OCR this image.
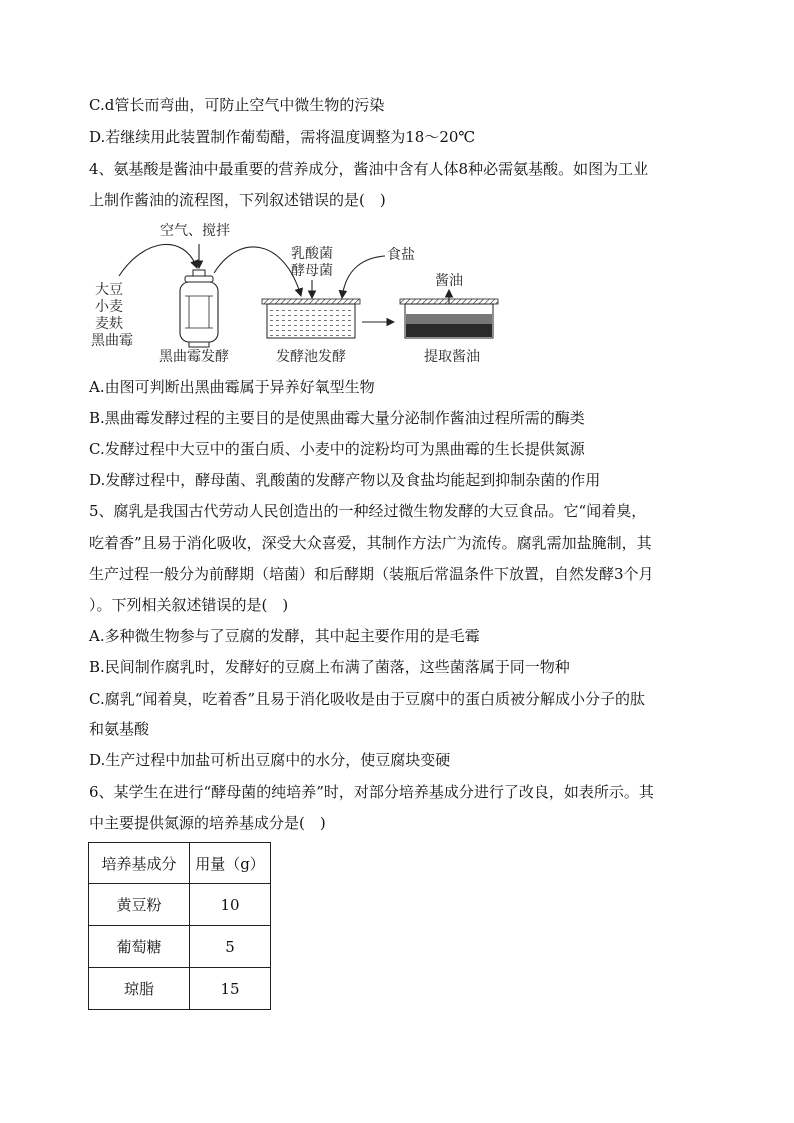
C.d管长而弯曲，可防止空气中微生物的污染

D.若继续用此装置制作葡萄醋，需将温度调整为18～20℃

4、氨基酸是酱油中最重要的营养成分，酱油中含有人体8种必需氨基酸。如图为工业

上制作酱油的流程图，下列叙述错误的是(　)

空气、搅拌
大豆
小麦
麦麸
黑曲霉
乳酸菌
酵母菌
食盐
酱油
黑曲霉发酵	发酵池发酵	提取酱油

A.由图可判断出黑曲霉属于异养好氧型生物

B.黑曲霉发酵过程的主要目的是使黑曲霉大量分泌制作酱油过程所需的酶类

C.发酵过程中大豆中的蛋白质、小麦中的淀粉均可为黑曲霉的生长提供氮源

D.发酵过程中，酵母菌、乳酸菌的发酵产物以及食盐均能起到抑制杂菌的作用

5、腐乳是我国古代劳动人民创造出的一种经过微生物发酵的大豆食品。它“闻着臭，

吃着香”且易于消化吸收，深受大众喜爱，其制作方法广为流传。腐乳需加盐腌制，其

生产过程一般分为前酵期（培菌）和后酵期（装瓶后常温条件下放置，自然发酵3个月

）。下列相关叙述错误的是(　)

A.多种微生物参与了豆腐的发酵，其中起主要作用的是毛霉

B.民间制作腐乳时，发酵好的豆腐上布满了菌落，这些菌落属于同一物种

C.腐乳“闻着臭，吃着香”且易于消化吸收是由于豆腐中的蛋白质被分解成小分子的肽

和氨基酸

D.生产过程中加盐可析出豆腐中的水分，使豆腐块变硬

6、某学生在进行“酵母菌的纯培养”时，对部分培养基成分进行了改良，如表所示。其

中主要提供氮源的培养基成分是(　)

培养基成分	用量（g）
黄豆粉	10
葡萄糖	5
琼脂	15
